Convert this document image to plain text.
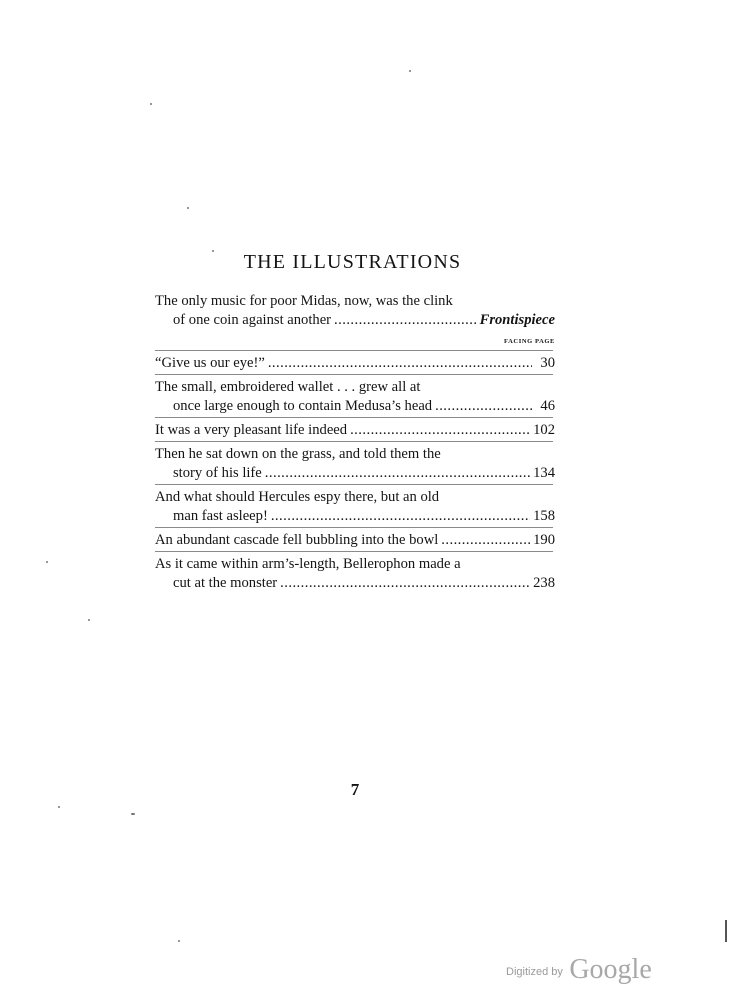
THE ILLUSTRATIONS
The only music for poor Midas, now, was the clink
of one coin against another . . .	Frontispiece
FACING PAGE
“Give us our eye!” . . .	30
The small, embroidered wallet . . . grew all at
once large enough to contain Medusa’s head . . .	46
It was a very pleasant life indeed . . .	102
Then he sat down on the grass, and told them the
story of his life . . .	134
And what should Hercules espy there, but an old
man fast asleep! . . .	158
An abundant cascade fell bubbling into the bowl . . .	190
As it came within arm’s-length, Bellerophon made a
cut at the monster . . .	238
7
Digitized by Google
